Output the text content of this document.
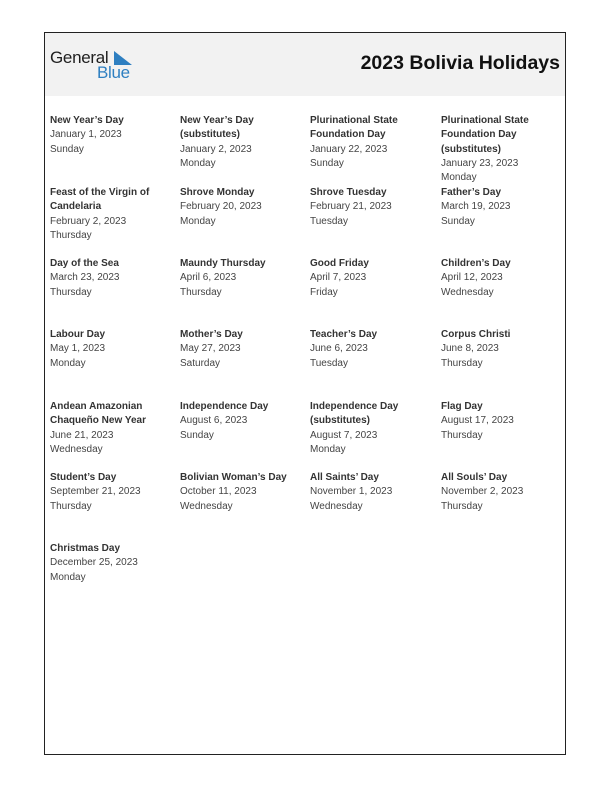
General
Blue	2023 Bolivia Holidays
New Year’s Day
January 1, 2023
Sunday
New Year’s Day (substitutes)
January 2, 2023
Monday
Plurinational State Foundation Day
January 22, 2023
Sunday
Plurinational State Foundation Day (substitutes)
January 23, 2023
Monday
Feast of the Virgin of Candelaria
February 2, 2023
Thursday
Shrove Monday
February 20, 2023
Monday
Shrove Tuesday
February 21, 2023
Tuesday
Father’s Day
March 19, 2023
Sunday
Day of the Sea
March 23, 2023
Thursday
Maundy Thursday
April 6, 2023
Thursday
Good Friday
April 7, 2023
Friday
Children’s Day
April 12, 2023
Wednesday
Labour Day
May 1, 2023
Monday
Mother’s Day
May 27, 2023
Saturday
Teacher’s Day
June 6, 2023
Tuesday
Corpus Christi
June 8, 2023
Thursday
Andean Amazonian Chaqueño New Year
June 21, 2023
Wednesday
Independence Day
August 6, 2023
Sunday
Independence Day (substitutes)
August 7, 2023
Monday
Flag Day
August 17, 2023
Thursday
Student’s Day
September 21, 2023
Thursday
Bolivian Woman’s Day
October 11, 2023
Wednesday
All Saints’ Day
November 1, 2023
Wednesday
All Souls’ Day
November 2, 2023
Thursday
Christmas Day
December 25, 2023
Monday
